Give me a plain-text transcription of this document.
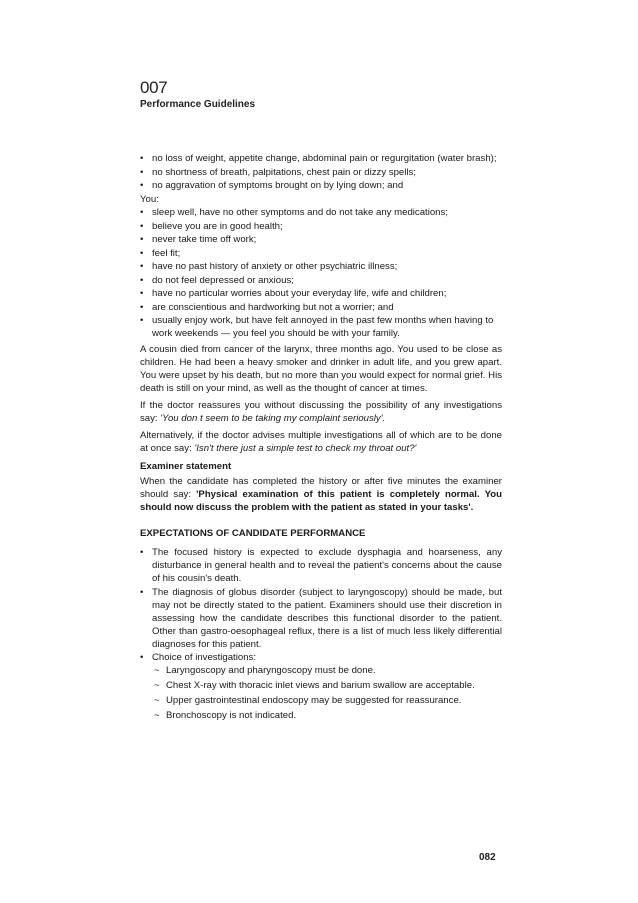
007
Performance Guidelines
• no loss of weight, appetite change, abdominal pain or regurgitation (water brash);
• no shortness of breath, palpitations, chest pain or dizzy spells;
• no aggravation of symptoms brought on by lying down; and
You:
• sleep well, have no other symptoms and do not take any medications;
• believe you are in good health;
• never take time off work;
• feel fit;
• have no past history of anxiety or other psychiatric illness;
• do not feel depressed or anxious;
• have no particular worries about your everyday life, wife and children;
• are conscientious and hardworking but not a worrier; and
• usually enjoy work, but have felt annoyed in the past few months when having to work weekends — you feel you should be with your family.

A cousin died from cancer of the larynx, three months ago. You used to be close as children. He had been a heavy smoker and drinker in adult life, and you grew apart. You were upset by his death, but no more than you would expect for normal grief. His death is still on your mind, as well as the thought of cancer at times.

If the doctor reassures you without discussing the possibility of any investigations say: 'You don t seem to be taking my complaint seriously'.

Alternatively, if the doctor advises multiple investigations all of which are to be done at once say: 'Isn't there just a simple test to check my throat out?'

Examiner statement

When the candidate has completed the history or after five minutes the examiner should say: 'Physical examination of this patient is completely normal. You should now discuss the problem with the patient as stated in your tasks'.

EXPECTATIONS OF CANDIDATE PERFORMANCE
• The focused history is expected to exclude dysphagia and hoarseness, any disturbance in general health and to reveal the patient's concerns about the cause of his cousin's death.
• The diagnosis of globus disorder (subject to laryngoscopy) should be made, but may not be directly stated to the patient. Examiners should use their discretion in assessing how the candidate describes this functional disorder to the patient. Other than gastro-oesophageal reflux, there is a list of much less likely differential diagnoses for this patient.
• Choice of investigations:
~ Laryngoscopy and pharyngoscopy must be done.
~ Chest X-ray with thoracic inlet views and barium swallow are acceptable.
~ Upper gastrointestinal endoscopy may be suggested for reassurance.
~ Bronchoscopy is not indicated.
082
